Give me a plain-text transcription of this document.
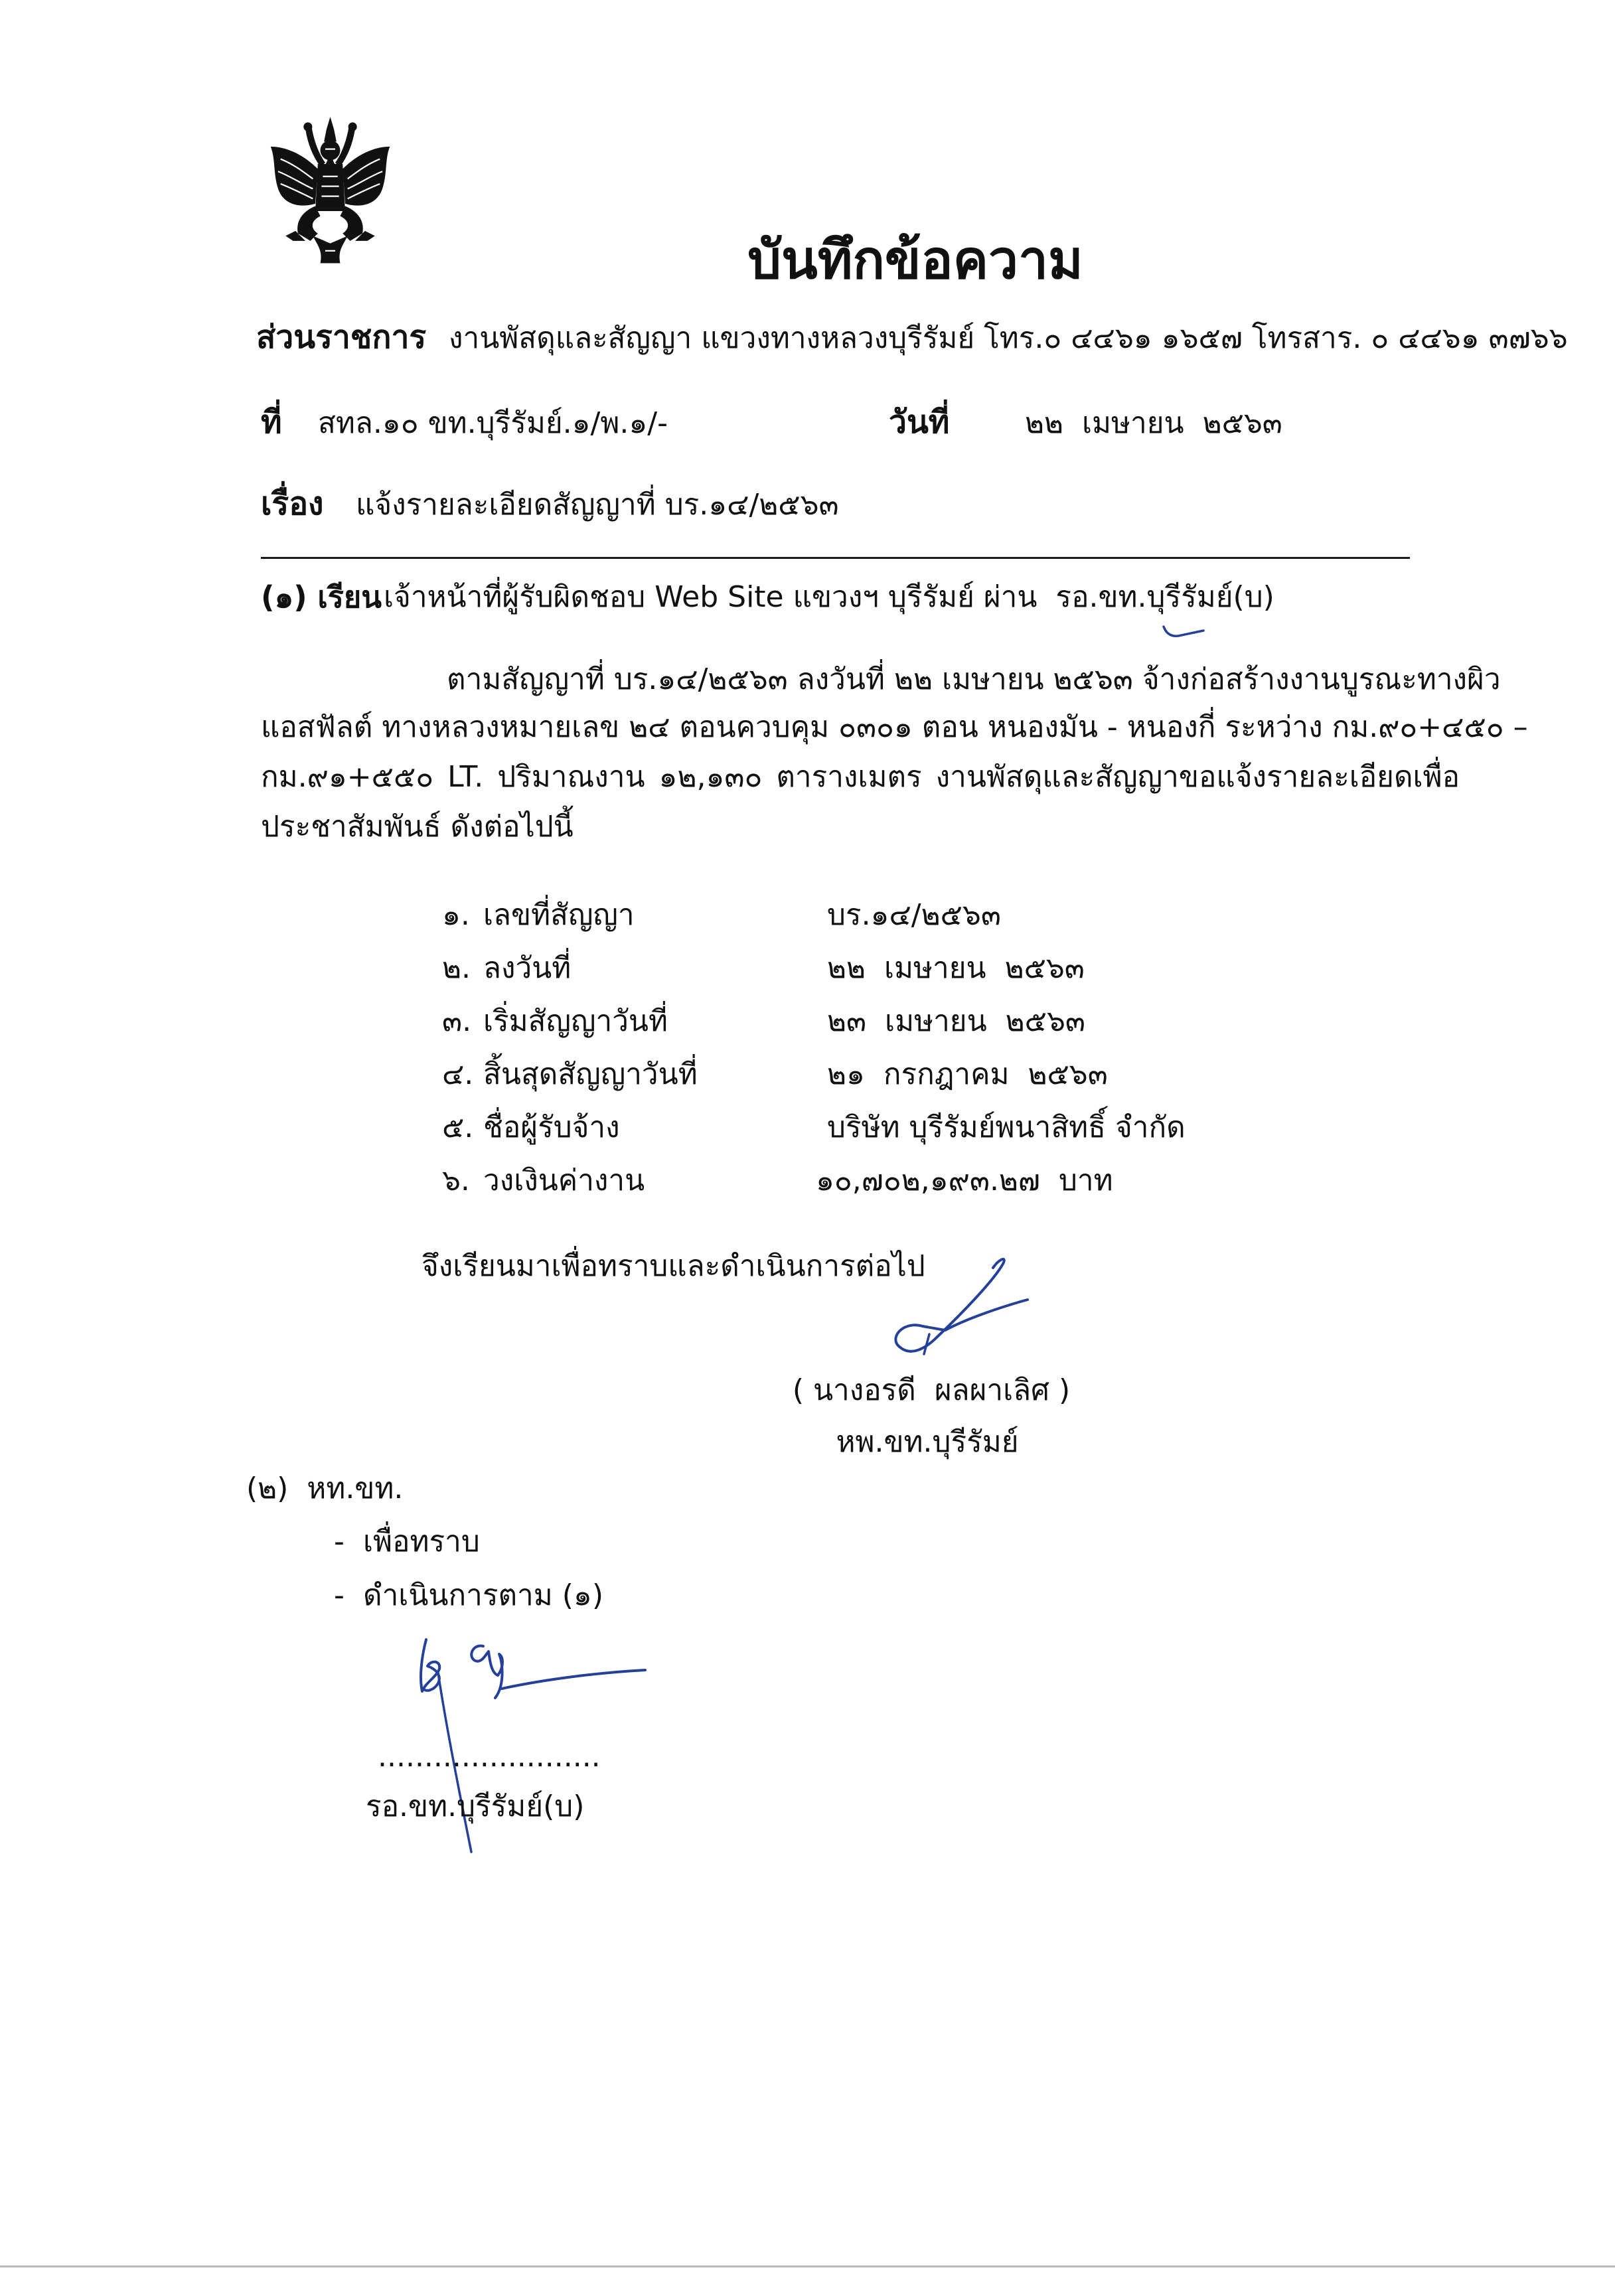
บันทึกข้อความ
ส่วนราชการ งานพัสดุและสัญญา แขวงทางหลวงบุรีรัมย์ โทร.๐ ๔๔๖๑ ๑๖๕๗ โทรสาร. ๐ ๔๔๖๑ ๓๗๖๖
ที่ สทล.๑๐ ขท.บุรีรัมย์.๑/พ.๑/-	วันที่	๒๒  เมษายน  ๒๕๖๓
เรื่อง แจ้งรายละเอียดสัญญาที่ บร.๑๔/๒๕๖๓
(๑) เรียน เจ้าหน้าที่ผู้รับผิดชอบ Web Site แขวงฯ บุรีรัมย์ ผ่าน  รอ.ขท.บุรีรัมย์(บ)
ตามสัญญาที่ บร.๑๔/๒๕๖๓ ลงวันที่ ๒๒ เมษายน ๒๕๖๓ จ้างก่อสร้างงานบูรณะทางผิว
แอสฟัลต์ ทางหลวงหมายเลข ๒๔ ตอนควบคุม ๐๓๐๑ ตอน หนองมัน - หนองกี่ ระหว่าง กม.๙๐+๔๕๐ –
กม.๙๑+๕๕๐ LT. ปริมาณงาน ๑๒,๑๓๐ ตารางเมตร งานพัสดุและสัญญาขอแจ้งรายละเอียดเพื่อ
ประชาสัมพันธ์ ดังต่อไปนี้
๑. เลขที่สัญญา	บร.๑๔/๒๕๖๓
๒. ลงวันที่	๒๒  เมษายน  ๒๕๖๓
๓. เริ่มสัญญาวันที่	๒๓  เมษายน  ๒๕๖๓
๔. สิ้นสุดสัญญาวันที่	๒๑  กรกฎาคม  ๒๕๖๓
๕. ชื่อผู้รับจ้าง	บริษัท บุรีรัมย์พนาสิทธิ์ จำกัด
๖. วงเงินค่างาน	๑๐,๗๐๒,๑๙๓.๒๗  บาท
จึงเรียนมาเพื่อทราบและดำเนินการต่อไป
( นางอรดี  ผลผาเลิศ )
หพ.ขท.บุรีรัมย์
(๒)  หท.ขท.
- เพื่อทราบ
- ดำเนินการตาม (๑)
........................
รอ.ขท.บุรีรัมย์(บ)
